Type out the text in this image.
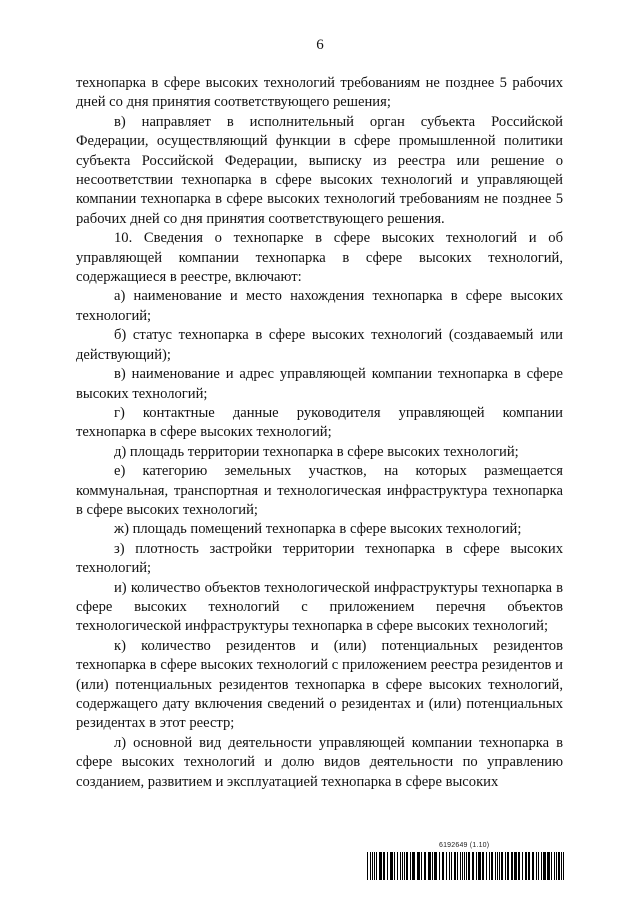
6

технопарка в сфере высоких технологий требованиям не позднее 5 рабочих дней со дня принятия соответствующего решения;

в) направляет в исполнительный орган субъекта Российской Федерации, осуществляющий функции в сфере промышленной политики субъекта Российской Федерации, выписку из реестра или решение о несоответствии технопарка в сфере высоких технологий и управляющей компании технопарка в сфере высоких технологий требованиям не позднее 5 рабочих дней со дня принятия соответствующего решения.

10. Сведения о технопарке в сфере высоких технологий и об управляющей компании технопарка в сфере высоких технологий, содержащиеся в реестре, включают:

а) наименование и место нахождения технопарка в сфере высоких технологий;

б) статус технопарка в сфере высоких технологий (создаваемый или действующий);

в) наименование и адрес управляющей компании технопарка в сфере высоких технологий;

г) контактные данные руководителя управляющей компании технопарка в сфере высоких технологий;

д) площадь территории технопарка в сфере высоких технологий;

е) категорию земельных участков, на которых размещается коммунальная, транспортная и технологическая инфраструктура технопарка в сфере высоких технологий;

ж) площадь помещений технопарка в сфере высоких технологий;

з) плотность застройки территории технопарка в сфере высоких технологий;

и) количество объектов технологической инфраструктуры технопарка в сфере высоких технологий с приложением перечня объектов технологической инфраструктуры технопарка в сфере высоких технологий;

к) количество резидентов и (или) потенциальных резидентов технопарка в сфере высоких технологий с приложением реестра резидентов и (или) потенциальных резидентов технопарка в сфере высоких технологий, содержащего дату включения сведений о резидентах и (или) потенциальных резидентах в этот реестр;

л) основной вид деятельности управляющей компании технопарка в сфере высоких технологий и долю видов деятельности по управлению созданием, развитием и эксплуатацией технопарка в сфере высоких

6192649 (1.10)
